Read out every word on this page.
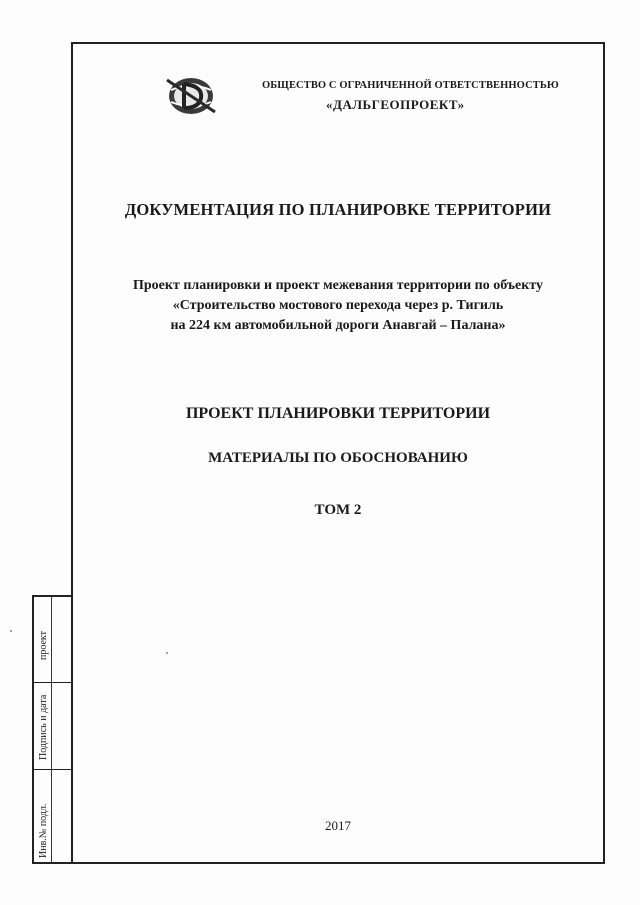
проект
Подпись и дата
Инв.№ подл.
ОБЩЕСТВО С ОГРАНИЧЕННОЙ ОТВЕТСТВЕННОСТЬЮ
«ДАЛЬГЕОПРОЕКТ»
ДОКУМЕНТАЦИЯ ПО ПЛАНИРОВКЕ ТЕРРИТОРИИ
Проект планировки и проект межевания территории по объекту
«Строительство мостового перехода через р. Тигиль
на 224 км автомобильной дороги Анавгай – Палана»
ПРОЕКТ ПЛАНИРОВКИ ТЕРРИТОРИИ
МАТЕРИАЛЫ ПО ОБОСНОВАНИЮ
ТОМ 2
2017
